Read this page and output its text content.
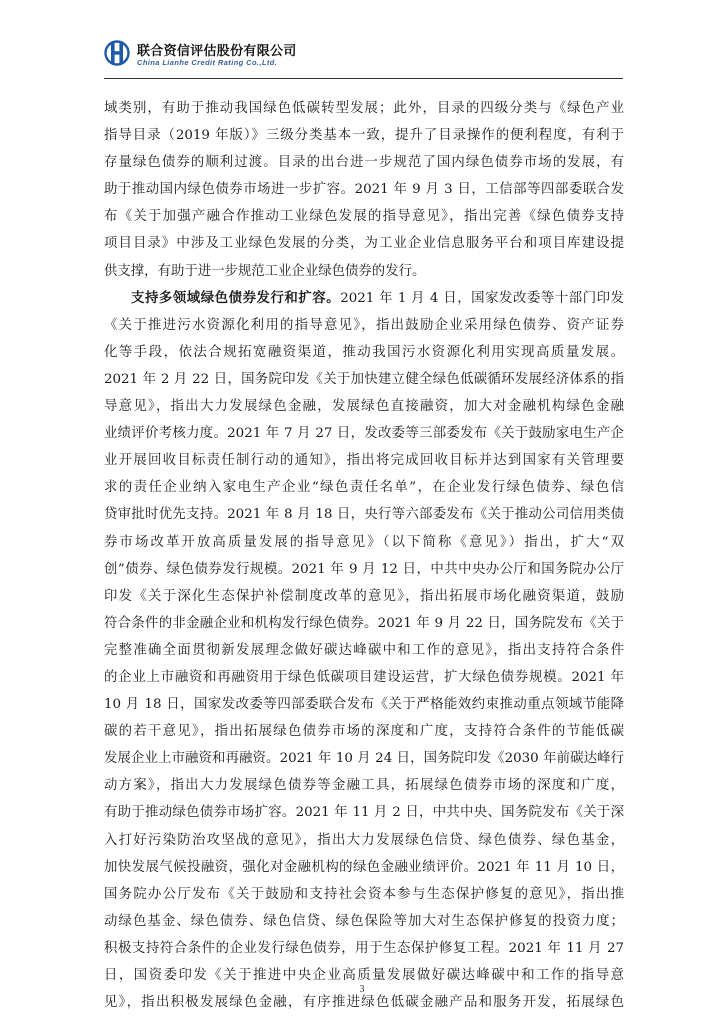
联合资信评估股份有限公司
China Lianhe Credit Rating Co.,Ltd.
域类别，有助于推动我国绿色低碳转型发展；此外，目录的四级分类与《绿色产业
指导目录（2019 年版）》三级分类基本一致，提升了目录操作的便利程度，有利于
存量绿色债券的顺利过渡。目录的出台进一步规范了国内绿色债券市场的发展，有
助于推动国内绿色债券市场进一步扩容。2021 年 9 月 3 日，工信部等四部委联合发
布《关于加强产融合作推动工业绿色发展的指导意见》，指出完善《绿色债券支持
项目目录》中涉及工业绿色发展的分类，为工业企业信息服务平台和项目库建设提
供支撑，有助于进一步规范工业企业绿色债券的发行。
支持多领域绿色债券发行和扩容。2021 年 1 月 4 日，国家发改委等十部门印发
《关于推进污水资源化利用的指导意见》，指出鼓励企业采用绿色债券、资产证券
化等手段，依法合规拓宽融资渠道，推动我国污水资源化利用实现高质量发展。
2021 年 2 月 22 日，国务院印发《关于加快建立健全绿色低碳循环发展经济体系的指
导意见》，指出大力发展绿色金融，发展绿色直接融资，加大对金融机构绿色金融
业绩评价考核力度。2021 年 7 月 27 日，发改委等三部委发布《关于鼓励家电生产企
业开展回收目标责任制行动的通知》，指出将完成回收目标并达到国家有关管理要
求的责任企业纳入家电生产企业“绿色责任名单”，在企业发行绿色债券、绿色信
贷审批时优先支持。2021 年 8 月 18 日，央行等六部委发布《关于推动公司信用类债
券市场改革开放高质量发展的指导意见》（以下简称《意见》）指出，扩大“双
创”债券、绿色债券发行规模。2021 年 9 月 12 日，中共中央办公厅和国务院办公厅
印发《关于深化生态保护补偿制度改革的意见》，指出拓展市场化融资渠道，鼓励
符合条件的非金融企业和机构发行绿色债券。2021 年 9 月 22 日，国务院发布《关于
完整准确全面贯彻新发展理念做好碳达峰碳中和工作的意见》，指出支持符合条件
的企业上市融资和再融资用于绿色低碳项目建设运营，扩大绿色债券规模。2021 年
10 月 18 日，国家发改委等四部委联合发布《关于严格能效约束推动重点领域节能降
碳的若干意见》，指出拓展绿色债券市场的深度和广度，支持符合条件的节能低碳
发展企业上市融资和再融资。2021 年 10 月 24 日，国务院印发《2030 年前碳达峰行
动方案》，指出大力发展绿色债券等金融工具，拓展绿色债券市场的深度和广度，
有助于推动绿色债券市场扩容。2021 年 11 月 2 日，中共中央、国务院发布《关于深
入打好污染防治攻坚战的意见》，指出大力发展绿色信贷、绿色债券、绿色基金，
加快发展气候投融资，强化对金融机构的绿色金融业绩评价。2021 年 11 月 10 日，
国务院办公厅发布《关于鼓励和支持社会资本参与生态保护修复的意见》，指出推
动绿色基金、绿色债券、绿色信贷、绿色保险等加大对生态保护修复的投资力度；
积极支持符合条件的企业发行绿色债券，用于生态保护修复工程。2021 年 11 月 27
日，国资委印发《关于推进中央企业高质量发展做好碳达峰碳中和工作的指导意
见》，指出积极发展绿色金融，有序推进绿色低碳金融产品和服务开发，拓展绿色
3
